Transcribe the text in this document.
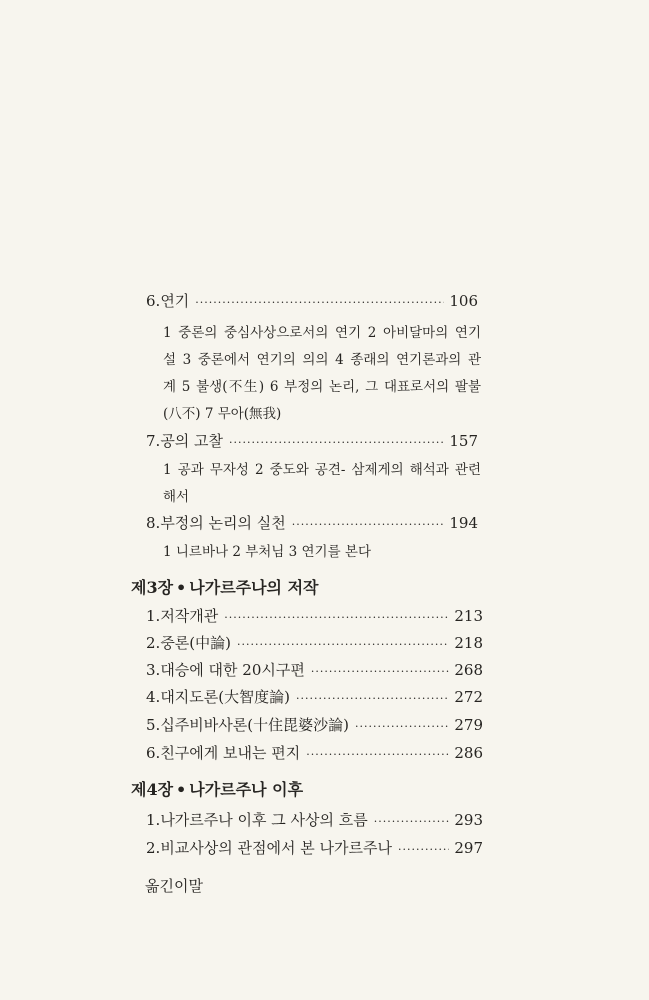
6. 연기 ·····	106
1 중론의 중심사상으로서의 연기 2 아비달마의 연기
설 3 중론에서 연기의 의의 4 종래의 연기론과의 관
계 5 불생(不生) 6 부정의 논리, 그 대표로서의 팔불
(八不) 7 무아(無我)
7. 공의 고찰 ·····	157
1 공과 무자성 2 중도와 공견- 삼제게의 해석과 관련
해서
8. 부정의 논리의 실천 ·····	194
1 니르바나 2 부처님 3 연기를 본다
제3장 • 나가르주나의 저작
1. 저작개관 ·····	213
2. 중론(中論) ·····	218
3. 대승에 대한 20시구편 ·····	268
4. 대지도론(大智度論) ·····	272
5. 십주비바사론(十住毘婆沙論) ·····	279
6. 친구에게 보내는 편지 ·····	286
제4장 • 나가르주나 이후
1. 나가르주나 이후 그 사상의 흐름 ·····	293
2. 비교사상의 관점에서 본 나가르주나 ·····	297
옮긴이말
